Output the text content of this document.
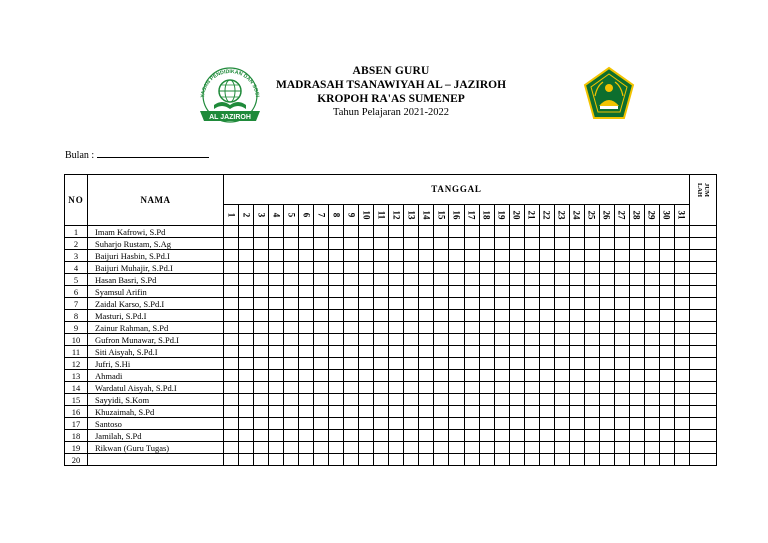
YASAN PENDIDIKAN DAN SOSI
AL JAZIROH
ABSEN GURU
MADRASAH TSANAWIYAH AL – JAZIROH
KROPOH RA'AS SUMENEP
Tahun Pelajaran 2021-2022
Bulan :
NO	NAMA	TANGGAL																															JUM LAH
		1	2	3	4	5	6	7	8	9	10	11	12	13	14	15	16	17	18	19	20	21	22	23	24	25	26	27	28	29	30	31	
1	Imam Kafrowi, S.Pd																																
2	Suharjo Rustam, S.Ag																																
3	Baijuri Hasbin, S.Pd.I																																
4	Baijuri Muhajir, S.Pd.I																																
5	Hasan Basri, S.Pd																																
6	Syamsul Arifin																																
7	Zaidal Karso, S.Pd.I																																
8	Masturi, S.Pd.I																																
9	Zainur Rahman, S.Pd																																
10	Gufron Munawar, S.Pd.I																																
11	Siti Aisyah, S.Pd.I																																
12	Jufri, S.Hi																																
13	Ahmadi																																
14	Wardatul Aisyah, S.Pd.I																																
15	Sayyidi, S.Kom																																
16	Khuzaimah, S.Pd																																
17	Santoso																																
18	Jamilah, S.Pd																																
19	Rikwan (Guru Tugas)																																
20																																	
